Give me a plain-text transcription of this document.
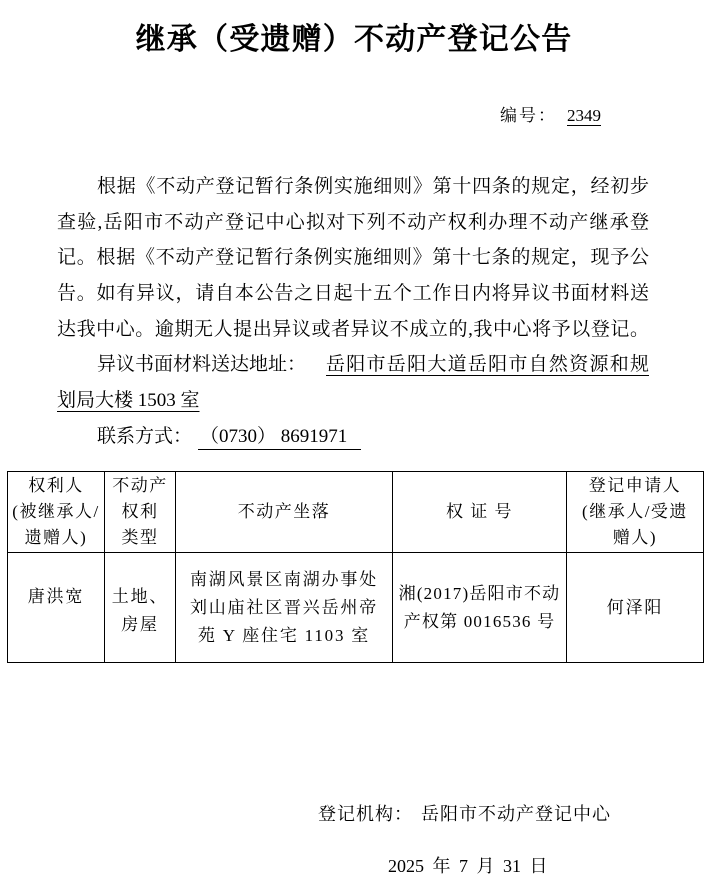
继承（受遗赠）不动产登记公告
编号： 2349
根据《不动产登记暂行条例实施细则》第十四条的规定，经初步
查验,岳阳市不动产登记中心拟对下列不动产权利办理不动产继承登
记。根据《不动产登记暂行条例实施细则》第十七条的规定，现予公
告。如有异议，请自本公告之日起十五个工作日内将异议书面材料送
达我中心。逾期无人提出异议或者异议不成立的,我中心将予以登记。
异议书面材料送达地址： 岳阳市岳阳大道岳阳市自然资源和规
划局大楼 1503 室
联系方式： （0730） 8691971
权利人
(被继承人/
遗赠人)	不动产
权利
类型	不动产坐落	权 证 号	登记申请人
(继承人/受遗
赠人)
唐洪宽	土地、
房屋	南湖风景区南湖办事处
刘山庙社区晋兴岳州帝
苑 Y 座住宅 1103 室	湘(2017)岳阳市不动
产权第 0016536 号	何泽阳
登记机构： 岳阳市不动产登记中心
2025 年 7 月 31 日
